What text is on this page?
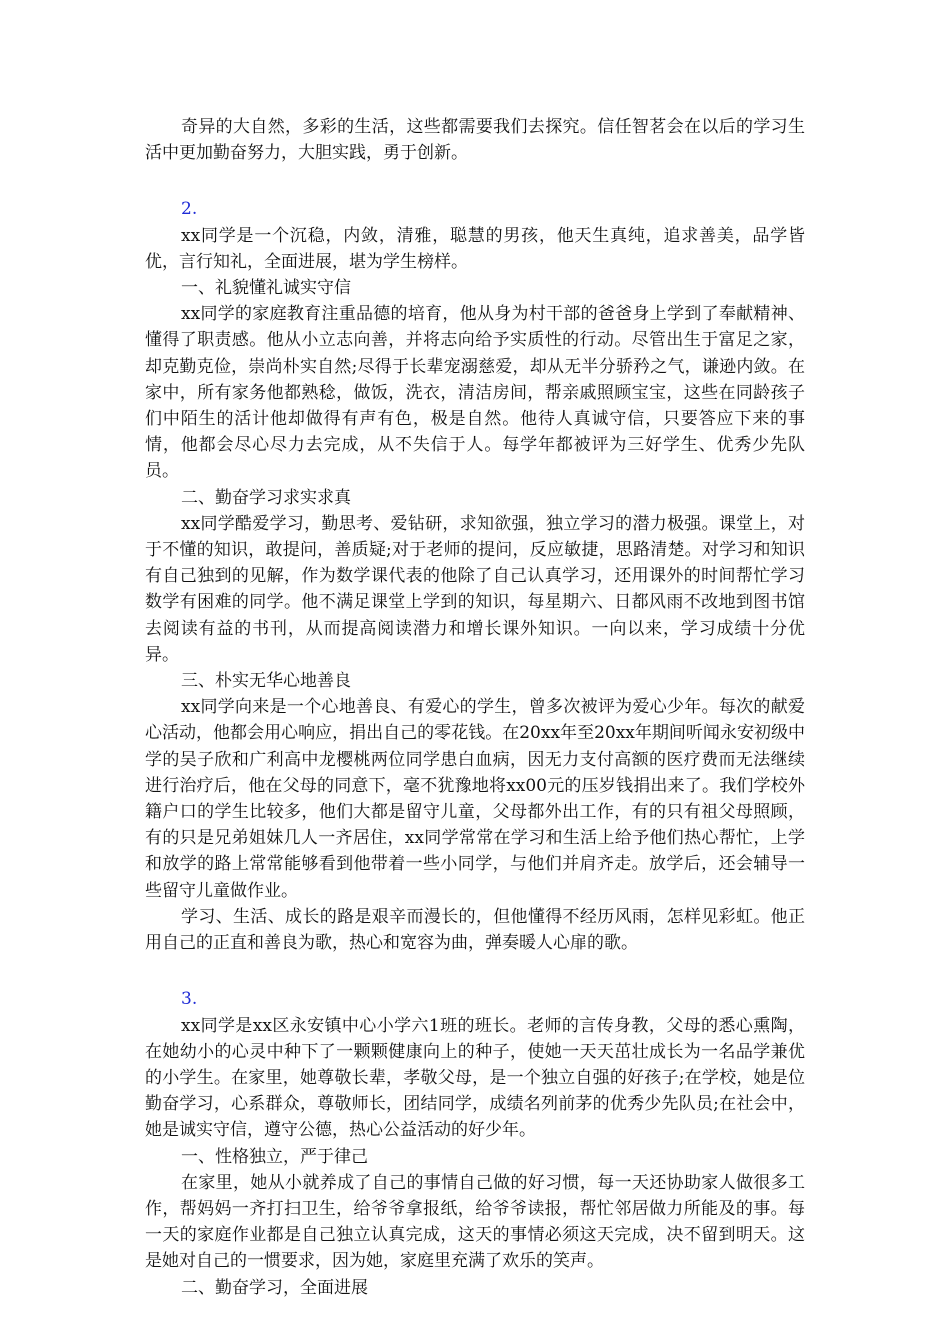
奇异的大自然，多彩的生活，这些都需要我们去探究。信任智茗会在以后的学习生活中更加勤奋努力，大胆实践，勇于创新。

2.

xx同学是一个沉稳，内敛，清雅，聪慧的男孩，他天生真纯，追求善美，品学皆优，言行知礼，全面进展，堪为学生榜样。

一、礼貌懂礼诚实守信

xx同学的家庭教育注重品德的培育，他从身为村干部的爸爸身上学到了奉献精神、懂得了职责感。他从小立志向善，并将志向给予实质性的行动。尽管出生于富足之家，却克勤克俭，崇尚朴实自然;尽得于长辈宠溺慈爱，却从无半分骄矜之气，谦逊内敛。在家中，所有家务他都熟稔，做饭，洗衣，清洁房间，帮亲戚照顾宝宝，这些在同龄孩子们中陌生的活计他却做得有声有色，极是自然。他待人真诚守信，只要答应下来的事情，他都会尽心尽力去完成，从不失信于人。每学年都被评为三好学生、优秀少先队员。

二、勤奋学习求实求真

xx同学酷爱学习，勤思考、爱钻研，求知欲强，独立学习的潜力极强。课堂上，对于不懂的知识，敢提问，善质疑;对于老师的提问，反应敏捷，思路清楚。对学习和知识有自己独到的见解，作为数学课代表的他除了自己认真学习，还用课外的时间帮忙学习数学有困难的同学。他不满足课堂上学到的知识，每星期六、日都风雨不改地到图书馆去阅读有益的书刊，从而提高阅读潜力和增长课外知识。一向以来，学习成绩十分优异。

三、朴实无华心地善良

xx同学向来是一个心地善良、有爱心的学生，曾多次被评为爱心少年。每次的献爱心活动，他都会用心响应，捐出自己的零花钱。在20xx年至20xx年期间听闻永安初级中学的吴子欣和广利高中龙樱桃两位同学患白血病，因无力支付高额的医疗费而无法继续进行治疗后，他在父母的同意下，毫不犹豫地将xx00元的压岁钱捐出来了。我们学校外籍户口的学生比较多，他们大都是留守儿童，父母都外出工作，有的只有祖父母照顾，有的只是兄弟姐妹几人一齐居住，xx同学常常在学习和生活上给予他们热心帮忙，上学和放学的路上常常能够看到他带着一些小同学，与他们并肩齐走。放学后，还会辅导一些留守儿童做作业。

学习、生活、成长的路是艰辛而漫长的，但他懂得不经历风雨，怎样见彩虹。他正用自己的正直和善良为歌，热心和宽容为曲，弹奏暖人心扉的歌。

3.

xx同学是xx区永安镇中心小学六1班的班长。老师的言传身教，父母的悉心熏陶，在她幼小的心灵中种下了一颗颗健康向上的种子，使她一天天茁壮成长为一名品学兼优的小学生。在家里，她尊敬长辈，孝敬父母，是一个独立自强的好孩子;在学校，她是位勤奋学习，心系群众，尊敬师长，团结同学，成绩名列前茅的优秀少先队员;在社会中，她是诚实守信，遵守公德，热心公益活动的好少年。

一、性格独立，严于律己

在家里，她从小就养成了自己的事情自己做的好习惯，每一天还协助家人做很多工作，帮妈妈一齐打扫卫生，给爷爷拿报纸，给爷爷读报，帮忙邻居做力所能及的事。每一天的家庭作业都是自己独立认真完成，这天的事情必须这天完成，决不留到明天。这是她对自己的一惯要求，因为她，家庭里充满了欢乐的笑声。

二、勤奋学习，全面进展
